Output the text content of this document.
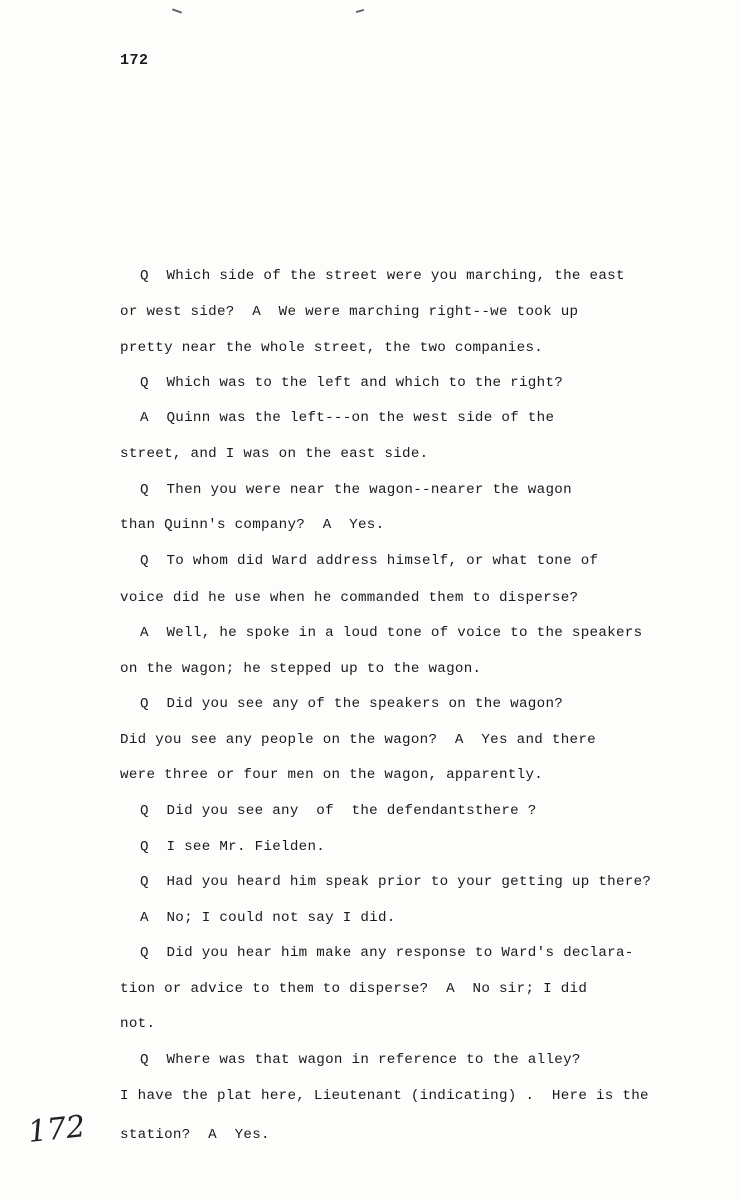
172
Q  Which side of the street were you marching, the east
or west side?  A  We were marching right--we took up
pretty near the whole street, the two companies.
Q  Which was to the left and which to the right?
A  Quinn was the left---on the west side of the
street, and I was on the east side.
Q  Then you were near the wagon--nearer the wagon
than Quinn's company?  A  Yes.
Q  To whom did Ward address himself, or what tone of
voice did he use when he commanded them to disperse?
A  Well, he spoke in a loud tone of voice to the speakers
on the wagon; he stepped up to the wagon.
Q  Did you see any of the speakers on the wagon?
Did you see any people on the wagon?  A  Yes and there
were three or four men on the wagon, apparently.
Q  Did you see any  of  the defendantsthere ?
Q  I see Mr. Fielden.
Q  Had you heard him speak prior to your getting up there?
A  No; I could not say I did.
Q  Did you hear him make any response to Ward's declara-
tion or advice to them to disperse?  A  No sir; I did
not.
Q  Where was that wagon in reference to the alley?
I have the plat here, Lieutenant (indicating) .  Here is the
station?  A  Yes.
172
